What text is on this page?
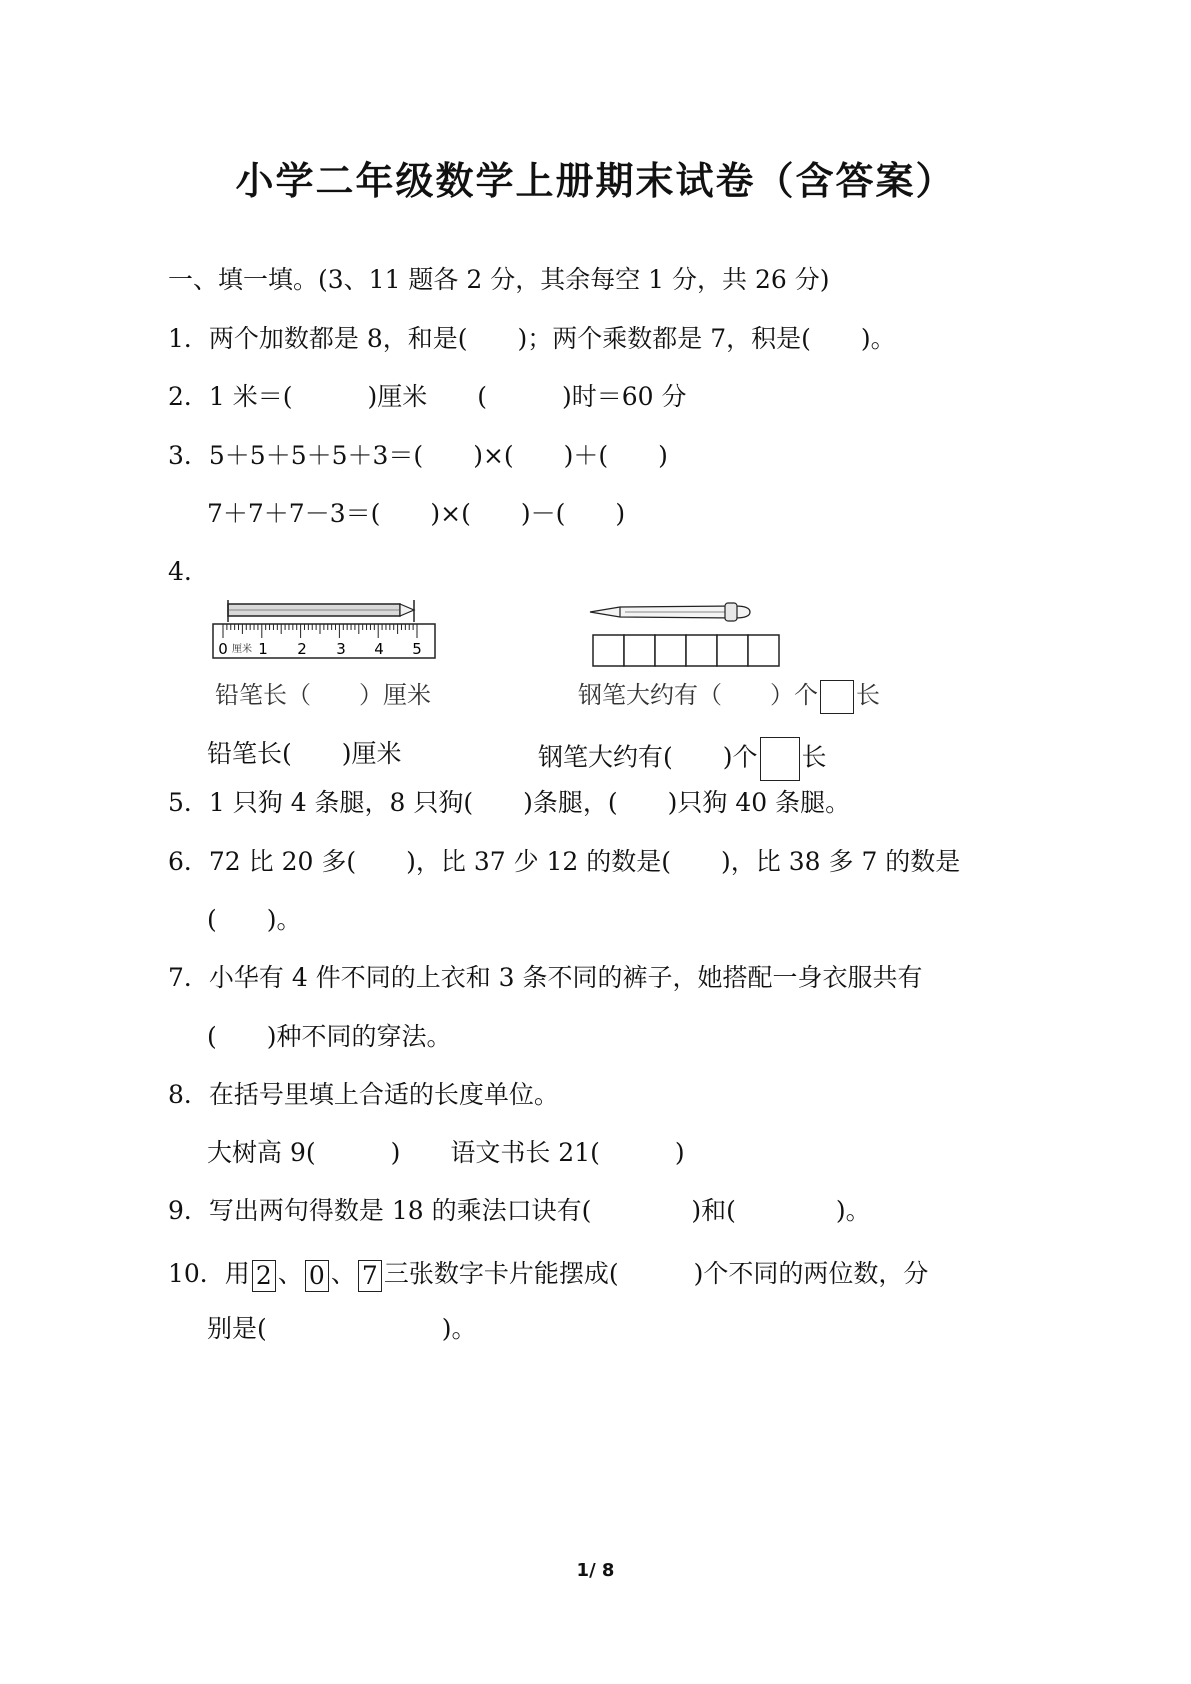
小学二年级数学上册期末试卷（含答案）
一、填一填。(3、11 题各 2 分，其余每空 1 分，共 26 分)
1．两个加数都是 8，和是(　　)；两个乘数都是 7，积是(　　)。
2．1 米＝(　　　)厘米　　(　　　)时＝60 分
3．5＋5＋5＋5＋3＝(　　)×(　　)＋(　　)
7＋7＋7－3＝(　　)×(　　)－(　　)
4.
厘米
0 1 2 3 4 5
铅笔长（　　）厘米	钢笔大约有（　　）个 长
铅笔长(　　)厘米	钢笔大约有(　　)个 长
5．1 只狗 4 条腿，8 只狗(　　)条腿，(　　)只狗 40 条腿。
6．72 比 20 多(　　)，比 37 少 12 的数是(　　)，比 38 多 7 的数是
(　　)。
7．小华有 4 件不同的上衣和 3 条不同的裤子，她搭配一身衣服共有
(　　)种不同的穿法。
8．在括号里填上合适的长度单位。
大树高 9(　　　)　　语文书长 21(　　　)
9．写出两句得数是 18 的乘法口诀有(　　　　)和(　　　　)。
10．用 2 、 0 、 7 三张数字卡片能摆成(　　　)个不同的两位数，分
别是(　　　　　　　)。
1/ 8
